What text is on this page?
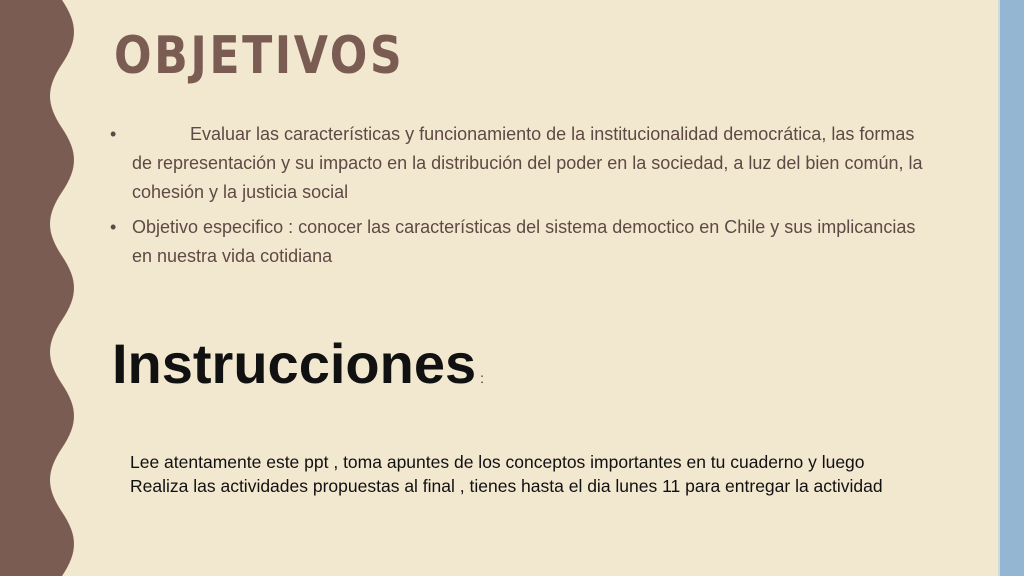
OBJETIVOS
•	Evaluar las características y funcionamiento de la institucionalidad democrática, las formas de representación y su impacto en la distribución del poder en la sociedad, a luz del bien común, la cohesión y la justicia social
• Objetivo especifico : conocer las características del sistema democtico en Chile y sus implicancias en nuestra vida cotidiana
Instrucciones :
Lee atentamente este ppt , toma apuntes de los conceptos importantes en tu cuaderno y luego
Realiza las actividades propuestas al final , tienes hasta el dia lunes 11 para entregar la actividad
